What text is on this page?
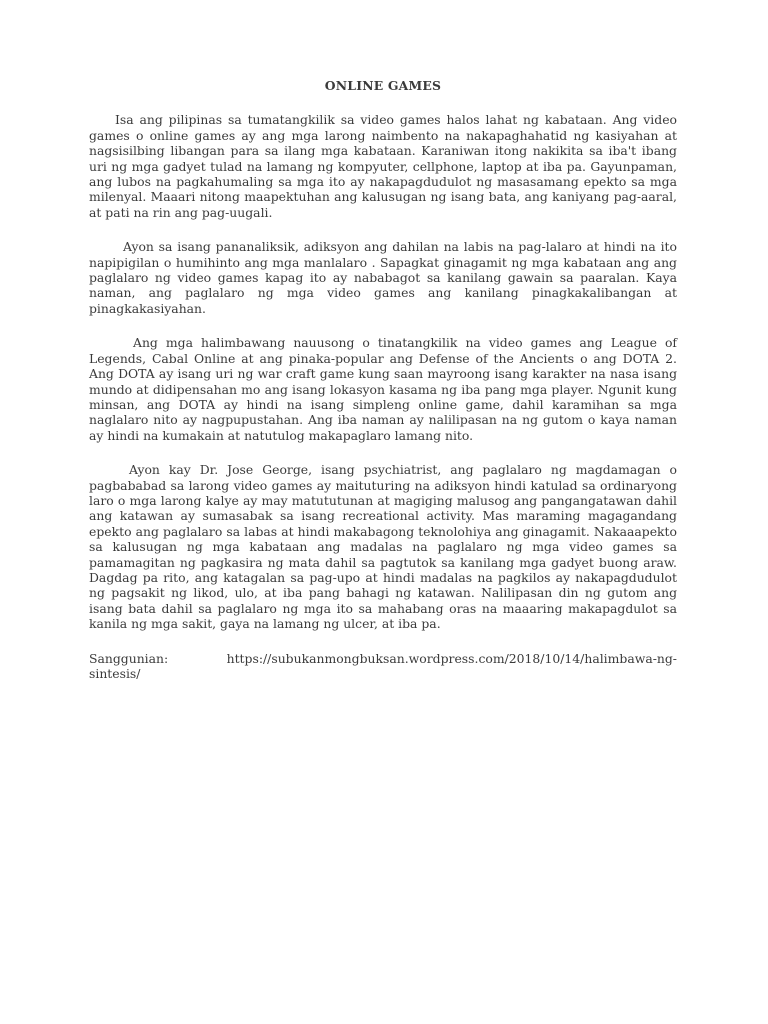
ONLINE GAMES

Isa ang pilipinas sa tumatangkilik sa video games halos lahat ng kabataan. Ang video games o online games ay ang mga larong naimbento na nakapaghahatid ng kasiyahan at nagsisilbing libangan para sa ilang mga kabataan. Karaniwan itong nakikita sa iba't ibang uri ng mga gadyet tulad na lamang ng kompyuter, cellphone, laptop at iba pa. Gayunpaman, ang lubos na pagkahumaling sa mga ito ay nakapagdudulot ng masasamang epekto sa mga milenyal. Maaari nitong maapektuhan ang kalusugan ng isang bata, ang kaniyang pag-aaral, at pati na rin ang pag-uugali.

Ayon sa isang pananaliksik, adiksyon ang dahilan na labis na pag-lalaro at hindi na ito napipigilan o humihinto ang mga manlalaro . Sapagkat ginagamit ng mga kabataan ang ang paglalaro ng video games kapag ito ay nababagot sa kanilang gawain sa paaralan. Kaya naman, ang paglalaro ng mga video games ang kanilang pinagkakalibangan at pinagkakasiyahan.

Ang mga halimbawang nauusong o tinatangkilik na video games ang League of Legends, Cabal Online at ang pinaka-popular ang Defense of the Ancients o ang DOTA 2. Ang DOTA ay isang uri ng war craft game kung saan mayroong isang karakter na nasa isang mundo at didipensahan mo ang isang lokasyon kasama ng iba pang mga player. Ngunit kung minsan, ang DOTA ay hindi na isang simpleng online game, dahil karamihan sa mga naglalaro nito ay nagpupustahan. Ang iba naman ay nalilipasan na ng gutom o kaya naman ay hindi na kumakain at natutulog makapaglaro lamang nito.

Ayon kay Dr. Jose George, isang psychiatrist, ang paglalaro ng magdamagan o pagbababad sa larong video games ay maituturing na adiksyon hindi katulad sa ordinaryong laro o mga larong kalye ay may matututunan at magiging malusog ang pangangatawan dahil ang katawan ay sumasabak sa isang recreational activity. Mas maraming magagandang epekto ang paglalaro sa labas at hindi makabagong teknolohiya ang ginagamit. Nakaaapekto sa kalusugan ng mga kabataan ang madalas na paglalaro ng mga video games sa pamamagitan ng pagkasira ng mata dahil sa pagtutok sa kanilang mga gadyet buong araw. Dagdag pa rito, ang katagalan sa pag-upo at hindi madalas na pagkilos ay nakapagdudulot ng pagsakit ng likod, ulo, at iba pang bahagi ng katawan. Nalilipasan din ng gutom ang isang bata dahil sa paglalaro ng mga ito sa mahabang oras na maaaring makapagdulot sa kanila ng mga sakit, gaya na lamang ng ulcer, at iba pa.

Sanggunian:	https://subukanmongbuksan.wordpress.com/2018/10/14/halimbawa-ng-sintesis/
